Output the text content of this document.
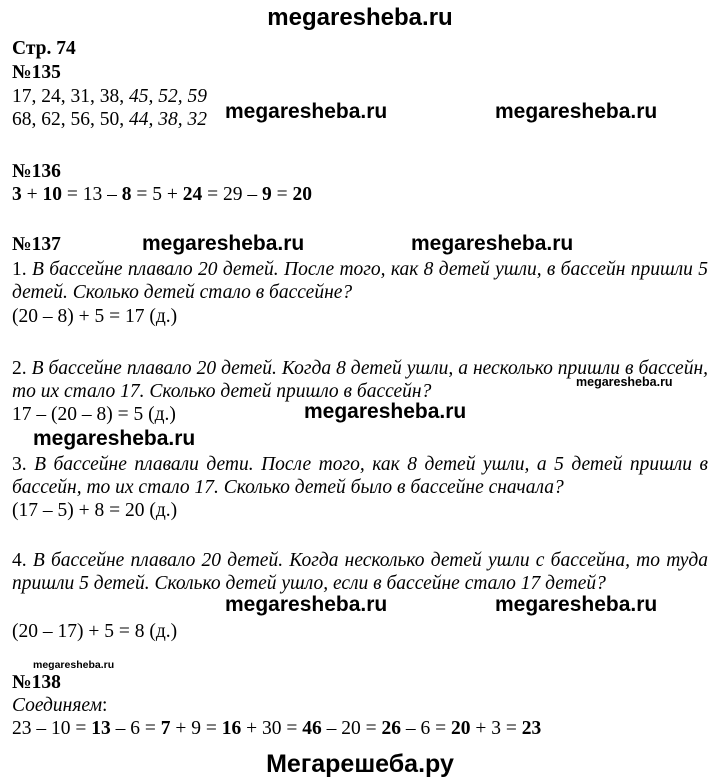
megaresheba.ru
Стр. 74
№135
17, 24, 31, 38, 45, 52, 59
68, 62, 56, 50, 44, 38, 32
№136
3 + 10 = 13 – 8 = 5 + 24 = 29 – 9 = 20
№137
1. В бассейне плавало 20 детей. После того, как 8 детей ушли, в бассейн пришли 5 детей. Сколько детей стало в бассейне?
(20 – 8) + 5 = 17 (д.)
2. В бассейне плавало 20 детей. Когда 8 детей ушли, а несколько пришли в бассейн, то их стало 17. Сколько детей пришло в бассейн?
17 – (20 – 8) = 5 (д.)
3. В бассейне плавали дети. После того, как 8 детей ушли, а 5 детей пришли в бассейн, то их стало 17. Сколько детей было в бассейне сначала?
(17 – 5) + 8 = 20 (д.)
4. В бассейне плавало 20 детей. Когда несколько детей ушли с бассейна, то туда пришли 5 детей. Сколько детей ушло, если в бассейне стало 17 детей?
(20 – 17) + 5 = 8 (д.)
№138
Соединяем:
23 – 10 = 13 – 6 = 7 + 9 = 16 + 30 = 46 – 20 = 26 – 6 = 20 + 3 = 23
megaresheba.ru	megaresheba.ru
megaresheba.ru	megaresheba.ru
megaresheba.ru
megaresheba.ru
megaresheba.ru
megaresheba.ru	megaresheba.ru
megaresheba.ru
Мегарешеба.ру
